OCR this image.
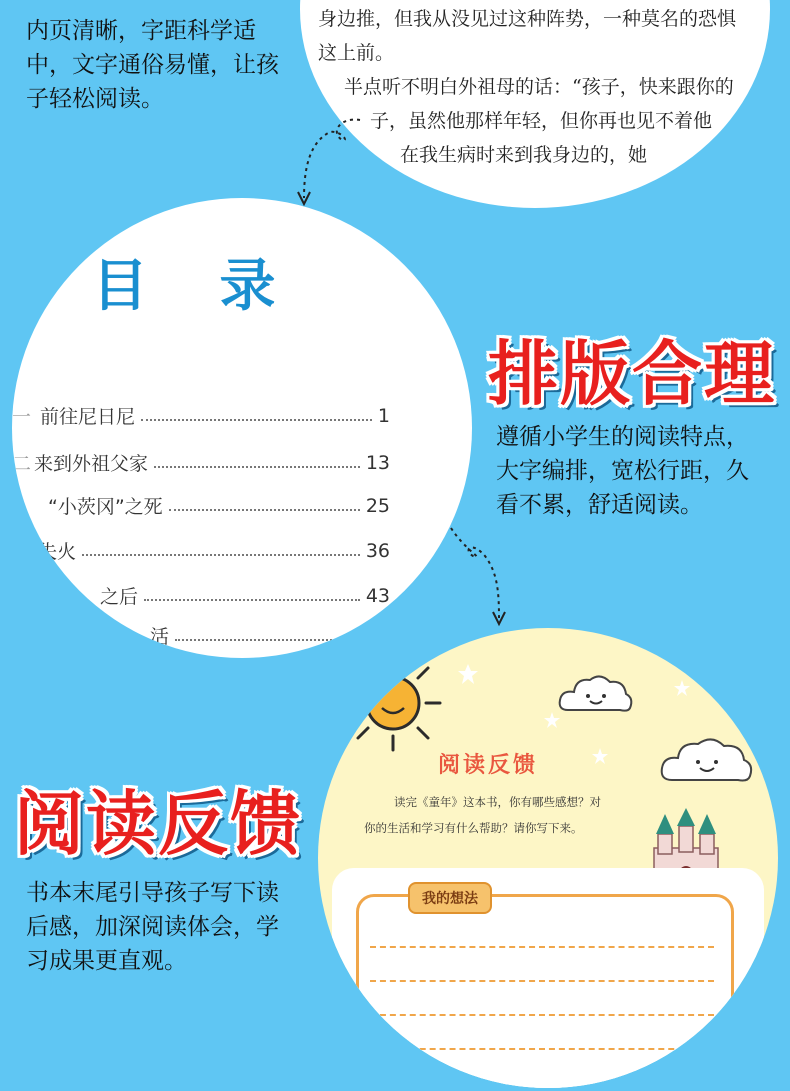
内页清晰，字距科学适
中，文字通俗易懂，让孩
子轻松阅读。
身边推，但我从没见过这种阵势，一种莫名的恐惧
这上前。
半点听不明白外祖母的话：“孩子，快来跟你的
子，虽然他那样年轻，但你再也见不着他
在我生病时来到我身边的，她
目 录
一 前往尼日尼	1
二 来到外祖父家	13
“小茨冈”之死	25
失火	36
之后	43
活
排版合理
遵循小学生的阅读特点，
大字编排，宽松行距，久
看不累，舒适阅读。
阅读反馈
书本末尾引导孩子写下读
后感，加深阅读体会，学
习成果更直观。
阅读反馈
读完《童年》这本书，你有哪些感想？对
你的生活和学习有什么帮助？请你写下来。
我的想法
